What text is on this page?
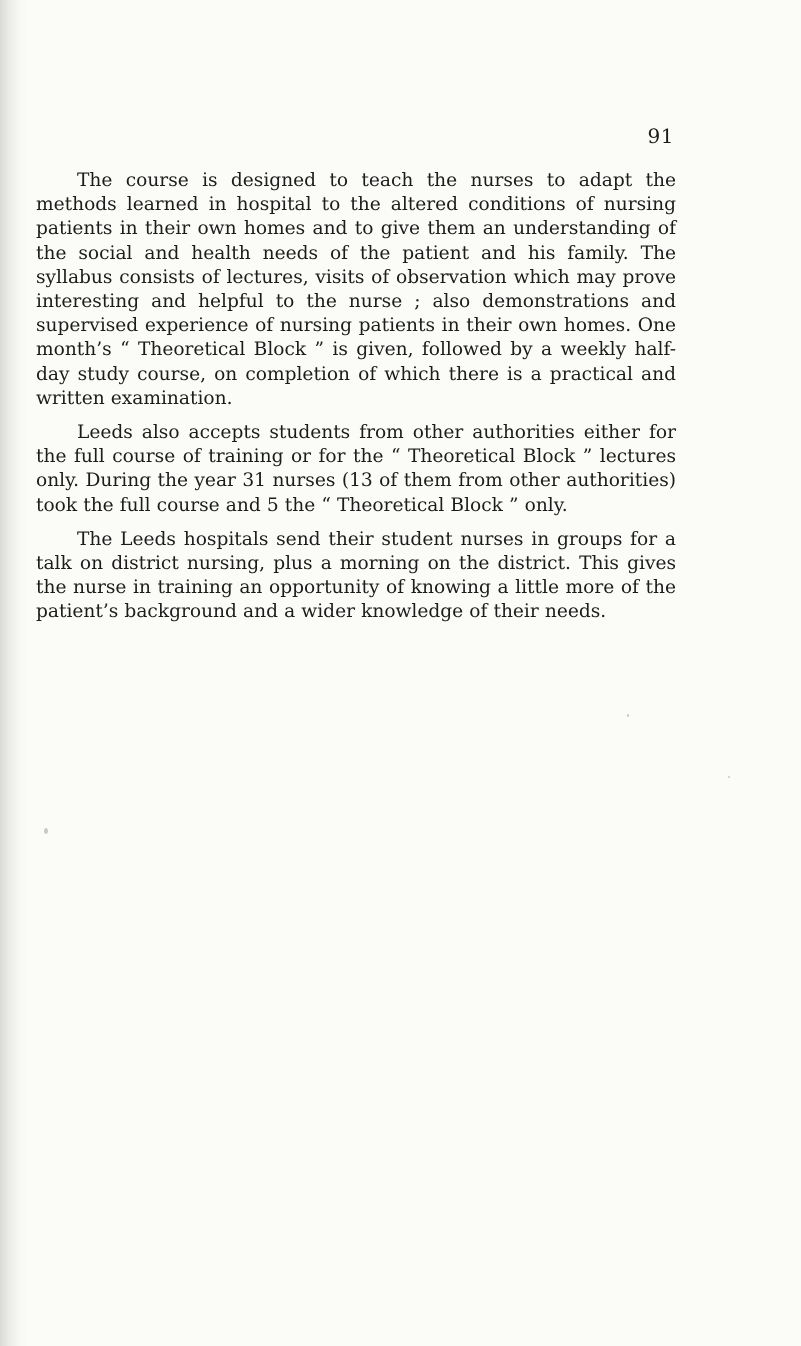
91

The course is designed to teach the nurses to adapt the methods learned in hospital to the altered conditions of nursing patients in their own homes and to give them an understanding of the social and health needs of the patient and his family. The syllabus consists of lectures, visits of observation which may prove interesting and helpful to the nurse ; also demonstrations and supervised experience of nursing patients in their own homes. One month’s “ Theoretical Block ” is given, followed by a weekly half-day study course, on completion of which there is a practical and written examination.

Leeds also accepts students from other authorities either for the full course of training or for the “ Theoretical Block ” lectures only. During the year 31 nurses (13 of them from other authorities) took the full course and 5 the “ Theoretical Block ” only.

The Leeds hospitals send their student nurses in groups for a talk on district nursing, plus a morning on the district. This gives the nurse in training an opportunity of knowing a little more of the patient’s background and a wider knowledge of their needs.
